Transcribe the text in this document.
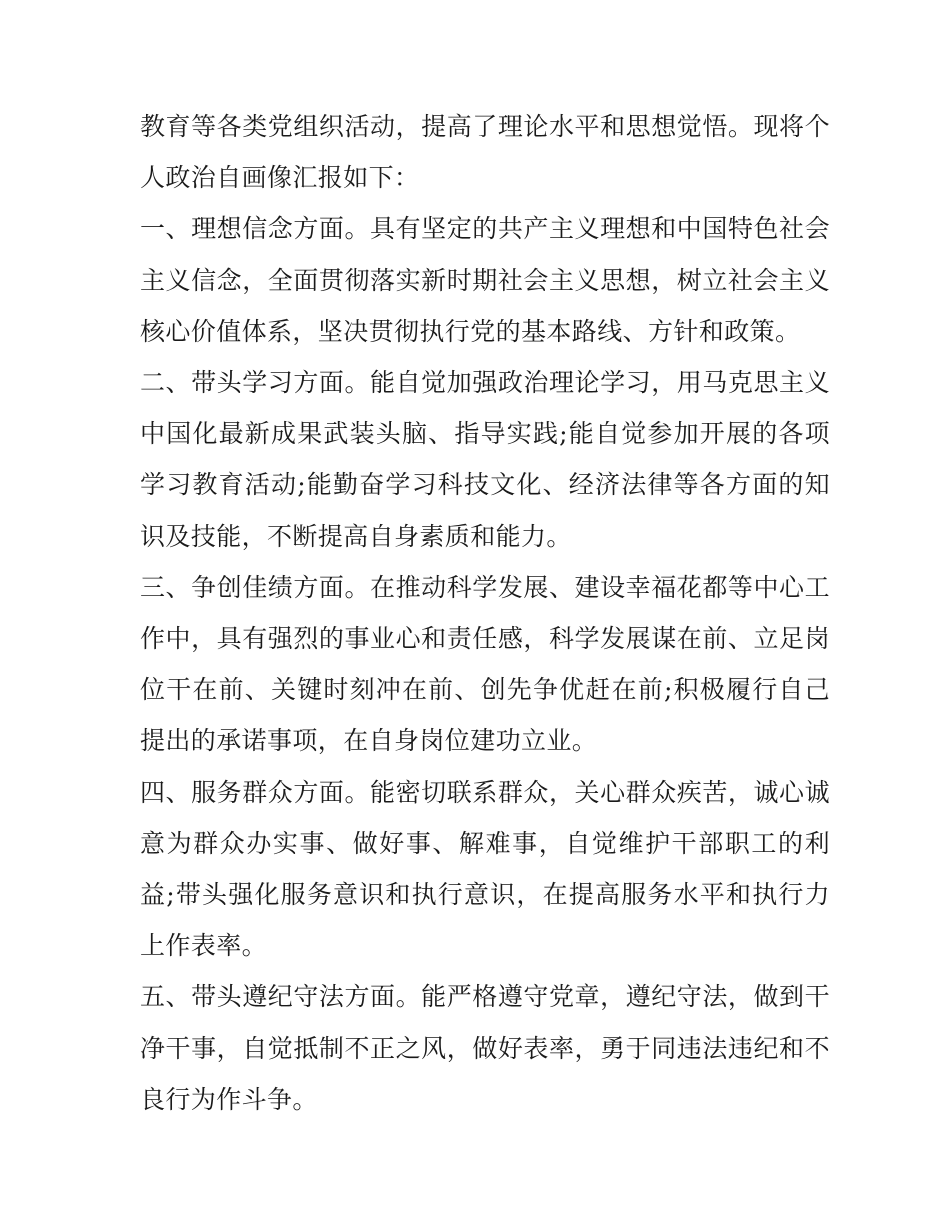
教育等各类党组织活动，提高了理论水平和思想觉悟。现将个人政治自画像汇报如下：

一、理想信念方面。具有坚定的共产主义理想和中国特色社会主义信念，全面贯彻落实新时期社会主义思想，树立社会主义核心价值体系，坚决贯彻执行党的基本路线、方针和政策。

二、带头学习方面。能自觉加强政治理论学习，用马克思主义中国化最新成果武装头脑、指导实践;能自觉参加开展的各项学习教育活动;能勤奋学习科技文化、经济法律等各方面的知识及技能，不断提高自身素质和能力。

三、争创佳绩方面。在推动科学发展、建设幸福花都等中心工作中，具有强烈的事业心和责任感，科学发展谋在前、立足岗位干在前、关键时刻冲在前、创先争优赶在前;积极履行自己提出的承诺事项，在自身岗位建功立业。

四、服务群众方面。能密切联系群众，关心群众疾苦，诚心诚意为群众办实事、做好事、解难事，自觉维护干部职工的利益;带头强化服务意识和执行意识，在提高服务水平和执行力上作表率。

五、带头遵纪守法方面。能严格遵守党章，遵纪守法，做到干净干事，自觉抵制不正之风，做好表率，勇于同违法违纪和不良行为作斗争。
